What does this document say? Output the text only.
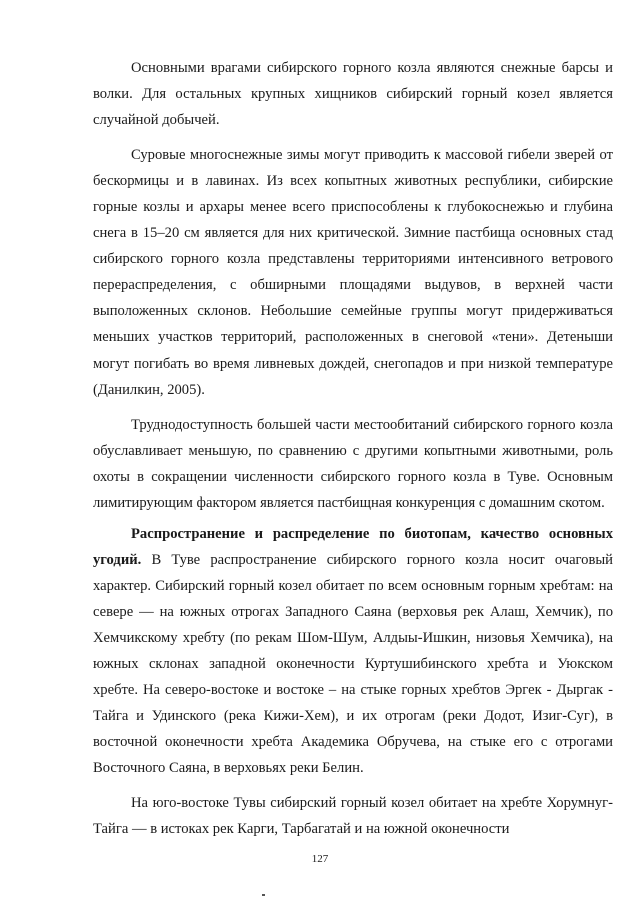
Основными врагами сибирского горного козла являются снежные барсы и волки. Для остальных крупных хищников сибирский горный козел является случайной добычей.

Суровые многоснежные зимы могут приводить к массовой гибели зверей от бескормицы и в лавинах. Из всех копытных животных республики, сибирские горные козлы и архары менее всего приспособлены к глубокоснежью и глубина снега в 15–20 см является для них критической. Зимние пастбища основных стад сибирского горного козла представлены территориями интенсивного ветрового перераспределения, с обширными площадями выдувов, в верхней части выположенных склонов. Небольшие семейные группы могут придерживаться меньших участков территорий, расположенных в снеговой «тени». Детеныши могут погибать во время ливневых дождей, снегопадов и при низкой температуре (Данилкин, 2005).

Труднодоступность большей части местообитаний сибирского горного козла обуславливает меньшую, по сравнению с другими копытными животными, роль охоты в сокращении численности сибирского горного козла в Туве. Основным лимитирующим фактором является пастбищная конкуренция с домашним скотом.

Распространение и распределение по биотопам, качество основных угодий. В Туве распространение сибирского горного козла носит очаговый характер. Сибирский горный козел обитает по всем основным горным хребтам: на севере — на южных отрогах Западного Саяна (верховья рек Алаш, Хемчик), по Хемчикскому хребту (по рекам Шом-Шум, Алдыы-Ишкин, низовья Хемчика), на южных склонах западной оконечности Куртушибинского хребта и Уюкском хребте. На северо-востоке и востоке – на стыке горных хребтов Эргек - Дыргак - Тайга и Удинского (река Кижи-Хем), и их отрогам (реки Додот, Изиг-Суг), в восточной оконечности хребта Академика Обручева, на стыке его с отрогами Восточного Саяна, в верховьях реки Белин.

На юго-востоке Тувы сибирский горный козел обитает на хребте Хорумнуг-Тайга — в истоках рек Карги, Тарбагатай и на южной оконечности

127
